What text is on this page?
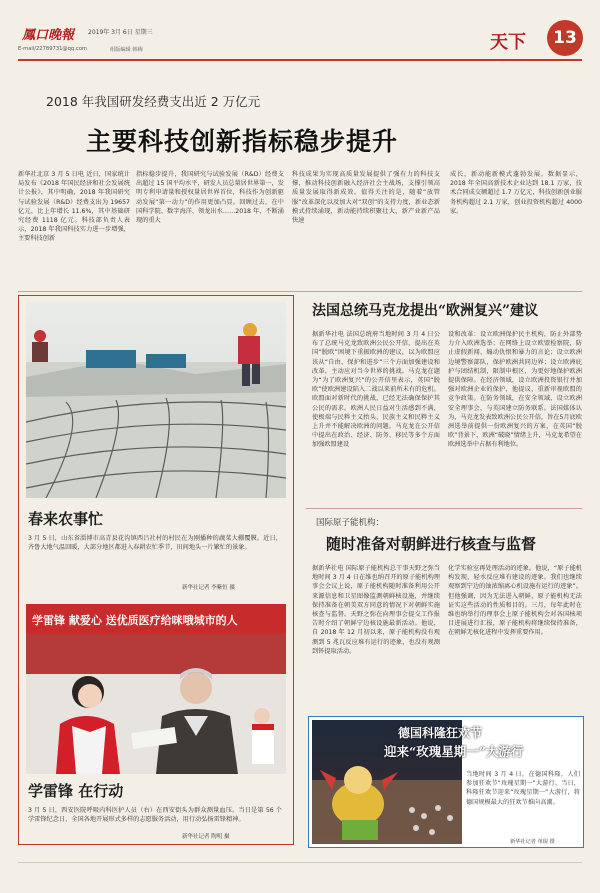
鳳口晚報 2019年 3月 6日 星期三
E-mail/22789731@qq.com	组版编辑 韩梅	天下	13
2018 年我国研发经费支出近 2 万亿元
主要科技创新指标稳步提升
新华社北京 3 月 5 日电 近日，国家统计局发布《2018 年国民经济和社会发展统计公报》，其中明确，2018 年我国研究与试验发展（R&D）经费支出为 19657 亿元，比上年增长 11.6%，其中基础研究经费 1118 亿元。科技部负责人表示，2018 年我国科技实力进一步增强，主要科技创新
指标稳步提升，我国研究与试验发展（R&D）经费支出超过 15 国平均水平，研发人员总量居世界第一，发明专利申请量和授权量居世界首位，科技作为创新驱动发展“第一动力”的作用更加凸显。回顾过去，在中国科学院、数字海洋、领龙出水……2018 年，不断涌现的重大
科技成果为实现高质量发展提供了强有力的科技支撑，推动科技创新融入经济社会主战场，支撑引领高质量发展取得新成效。值得关注的是，随着“放管服”改革深化以及加大对“双创”的支持力度，新业态新模式持续涌现，新动能持续积聚壮大，新产业新产品快速
成长，新动能新模式蓬勃发展。数据显示，2018 年全国高新技术企业达到 18.1 万家，技术合同成交额超过 1.7 万亿元，科技创新创业服务机构超过 2.1 万家，创业投资机构超过 4000 家。
春来农事忙
3 月 5 日，山东省淄博市高青县花沟镇西吕社村的村民在为刚播种的蔬菜大棚覆膜。近日，齐鲁大地气温回暖，大部分地区都进入春耕农忙季节，田间地头一片繁忙的景象。
新华社记者 李紫恒 摄
学雷锋 献爱心 送优质医疗给咪哦城市的人
学雷锋 在行动
3 月 5 日，西安医院呼吸内科医护人员（右）在西安街头为群众测量血压。当日是第 56 个学雷锋纪念日，全国各地开展形式多样的志愿服务活动，用行动弘扬雷锋精神。
新华社记者 陶明 摄
法国总统马克龙提出“欧洲复兴”建议
据新华社电 法国总统府当地时间 3 月 4 日公布了总统马克龙致欧洲公民公开信，提出在英国“脱欧”困境下重振欧洲的建议，以为欧盟应该从“自由、保护和进步”三个方面加强建设和改革，主动应对当今世界的挑战。马克龙在题为“为了欧洲复兴”的公开信里表示，英国“脱欧”使欧洲建设陷入二战以来前所未有的危机。欧盟面对新时代的挑战，已经无法确保保护其公民的需求。欧洲人民日益对生活感到不满，使极端与民粹主义抬头，民族主义和民粹主义上升并不能解决欧洲的问题。马克龙在公开信中提出在政治、经济、防务、移民等多个方面加强欧盟建设
设和改革：设立欧洲保护民主机构，防止外部势力介入欧洲选举；在网络上设立欧盟检察院，防止虚假新闻、煽动仇恨和暴力的言论；设立欧洲边境警察部队，保护欧洲共同边界；设立欧洲庇护与团结机制，限制申根区，为更好地保护欧洲提供保障。在经济领域，设立欧洲投资银行并加强对欧洲企业的保护，他提议，重新审视欧盟的竞争政策。在防务领域，在安全领域，设立欧洲安全理事会，与英国建立防务联系。法国媒体认为，马克龙发表致欧洲公民公开信，旨在5月底欧洲选举前提供一份欧洲复兴的方案，在英国“脱欧”背景下，欧洲“破晓”情绪上升，马克龙希望在欧洲选举中占据有利地位。
国际原子能机构：
随时准备对朝鲜进行核查与监督
据新华社电 国际原子能机构总干事天野之弥当地时间 3 月 4 日在维也纳召开的原子能机构理事会会议上说，原子能机构随时准备利用公开来源信息和卫星图像监测朝鲜核设施，并继续保持准备在朝美双方同意的情况下对朝鲜实施核查与监督。天野之弥在向理事会提交工作报告时介绍了朝鲜宁边核设施最新活动。他说，自 2018 年 12 月初以来，原子能机构没有观测到 5 兆瓦反应堆有运行的迹象，也没有观测到钚提取活动。
化学实验室再处理活动的迹象。他说，“原子能机构发现，轻水反应堆有建设的迹象。我们也继续观察到宁边的铀浓缩离心机设施有运行的迹象”。但他强调，因为无法进入朝鲜，原子能机构无法证实这些活动的性质和目的。三月，每年此时在维也纳举行的理事会上原子能机构会对各国核项目进展进行汇报，原子能机构将继续保持准备，在朝鲜无核化进程中发挥重要作用。
德国科隆狂欢节
迎来“玫瑰星期一”大游行
当地时间 3 月 4 日，在德国科隆，人们参加狂欢节“玫瑰星期一”大游行。当日，科隆狂欢节迎来“玫瑰星期一”大游行，将德国规模最大的狂欢节推向高潮。
新华社记者 单琨 摄
